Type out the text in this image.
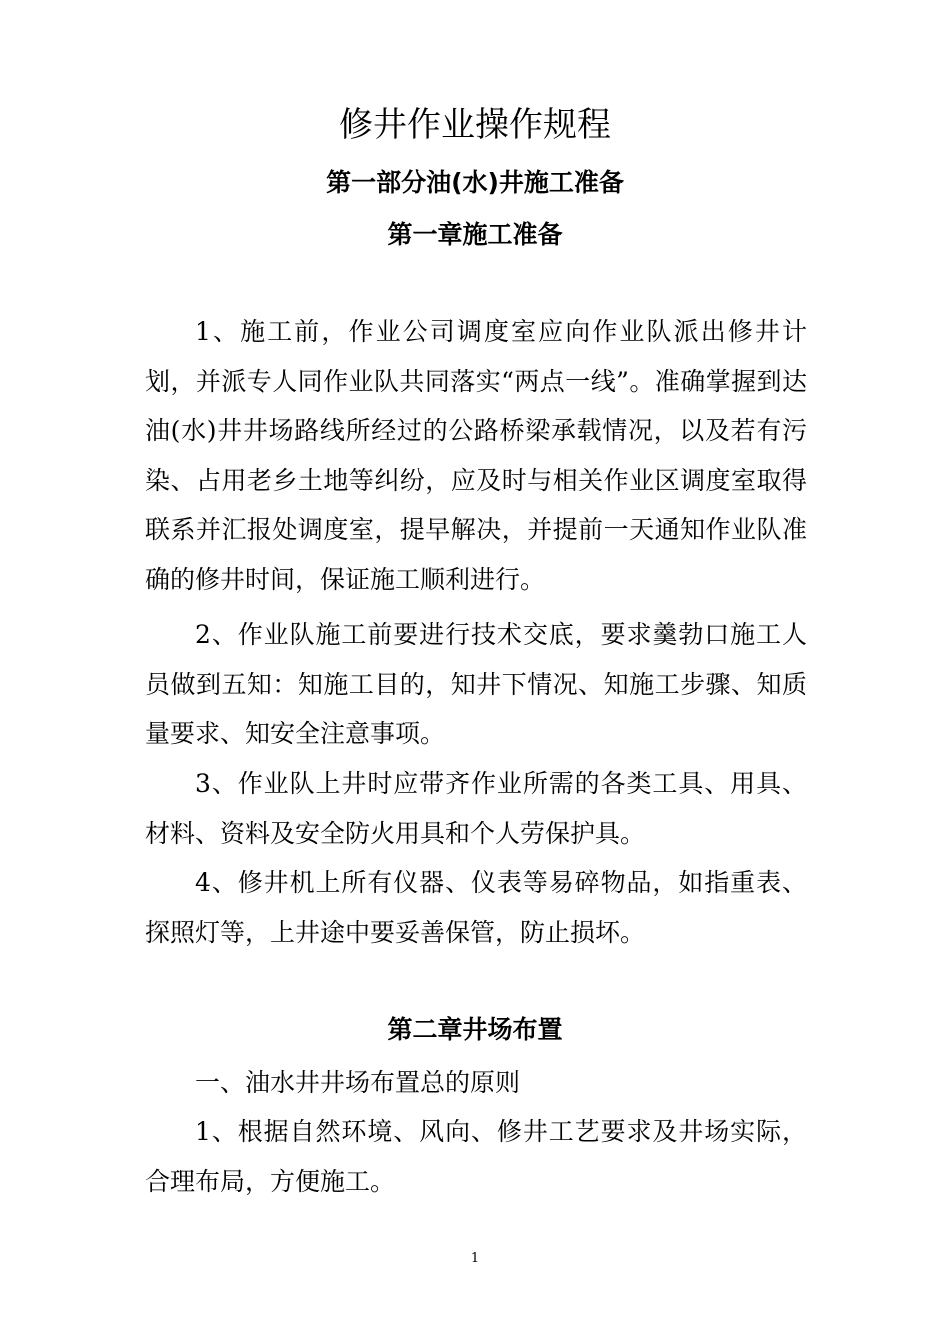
修井作业操作规程
第一部分油(水)井施工准备
第一章施工准备

1、施工前，作业公司调度室应向作业队派出修井计划，并派专人同作业队共同落实“两点一线”。准确掌握到达油(水)井井场路线所经过的公路桥梁承载情况，以及若有污染、占用老乡土地等纠纷，应及时与相关作业区调度室取得联系并汇报处调度室，提早解决，并提前一天通知作业队准确的修井时间，保证施工顺利进行。

2、作业队施工前要进行技术交底，要求羹勃口施工人员做到五知：知施工目的，知井下情况、知施工步骤、知质量要求、知安全注意事项。

3、作业队上井时应带齐作业所需的各类工具、用具、材料、资料及安全防火用具和个人劳保护具。

4、修井机上所有仪器、仪表等易碎物品，如指重表、探照灯等，上井途中要妥善保管，防止损坏。

第二章井场布置

一、油水井井场布置总的原则

1、根据自然环境、风向、修井工艺要求及井场实际，合理布局，方便施工。

1
